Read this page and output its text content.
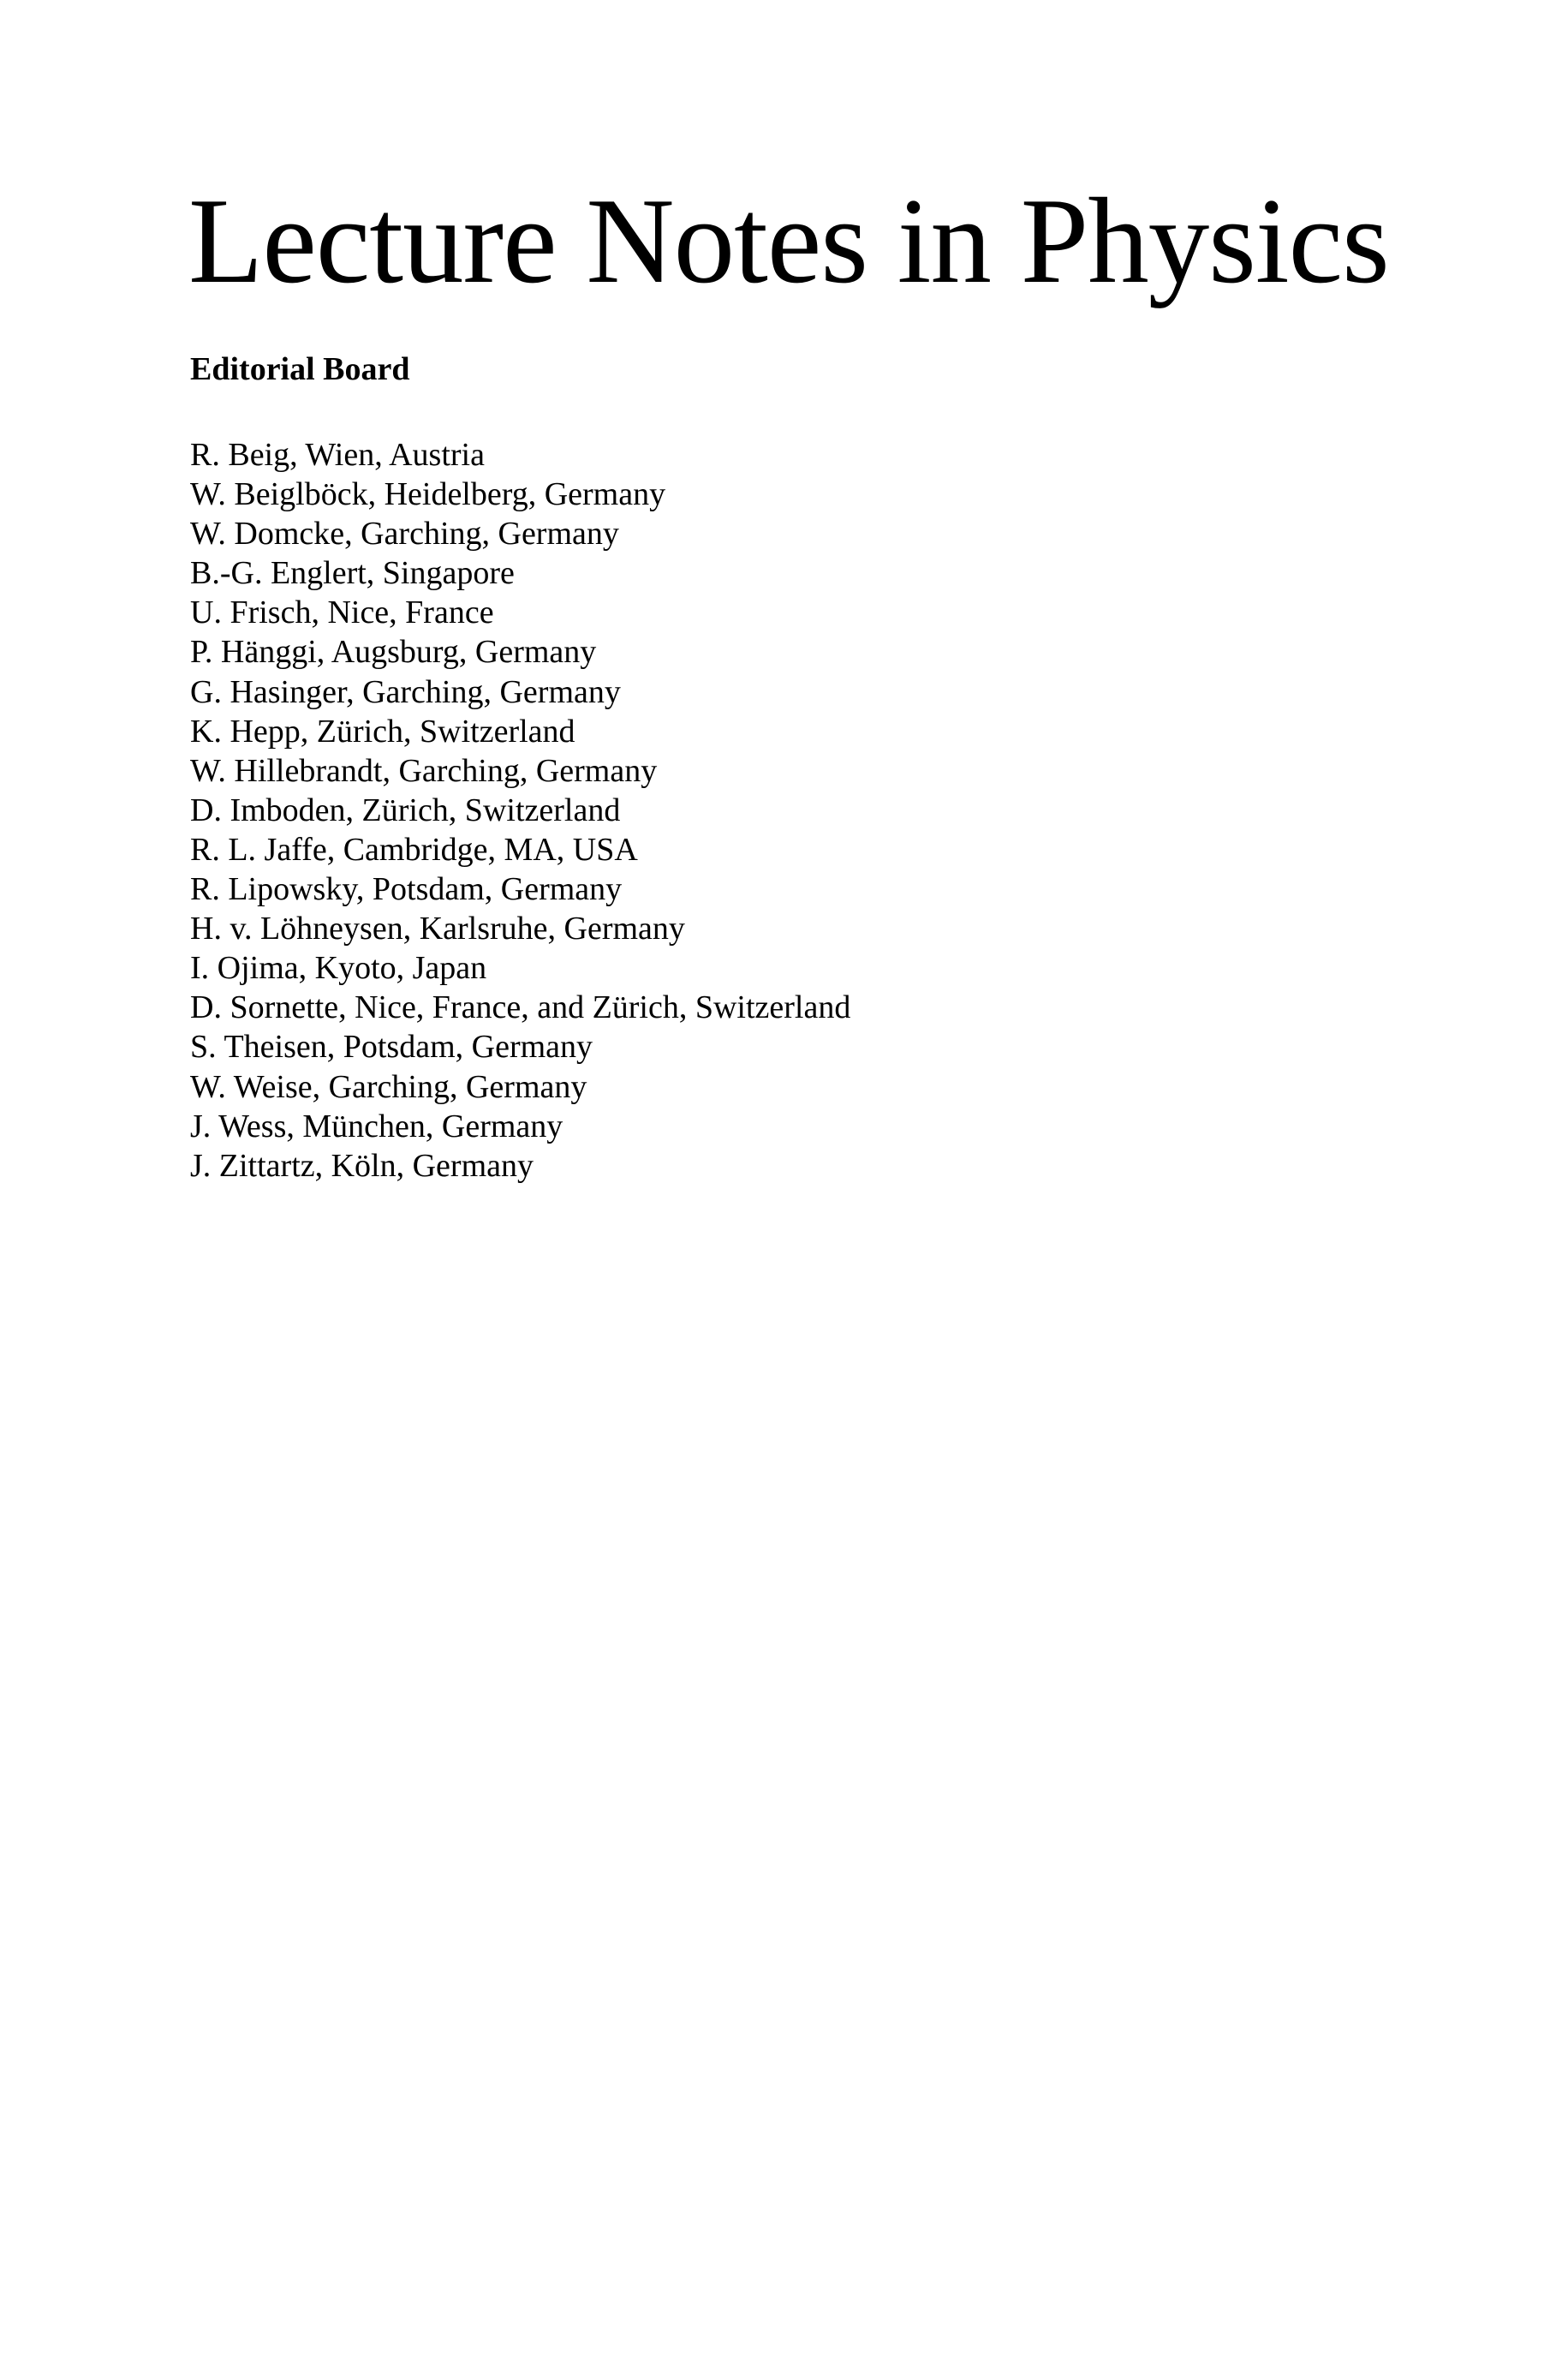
Lecture Notes in Physics
Editorial Board
R. Beig, Wien, Austria
W. Beiglböck, Heidelberg, Germany
W. Domcke, Garching, Germany
B.-G. Englert, Singapore
U. Frisch, Nice, France
P. Hänggi, Augsburg, Germany
G. Hasinger, Garching, Germany
K. Hepp, Zürich, Switzerland
W. Hillebrandt, Garching, Germany
D. Imboden, Zürich, Switzerland
R. L. Jaffe, Cambridge, MA, USA
R. Lipowsky, Potsdam, Germany
H. v. Löhneysen, Karlsruhe, Germany
I. Ojima, Kyoto, Japan
D. Sornette, Nice, France, and Zürich, Switzerland
S. Theisen, Potsdam, Germany
W. Weise, Garching, Germany
J. Wess, München, Germany
J. Zittartz, Köln, Germany
